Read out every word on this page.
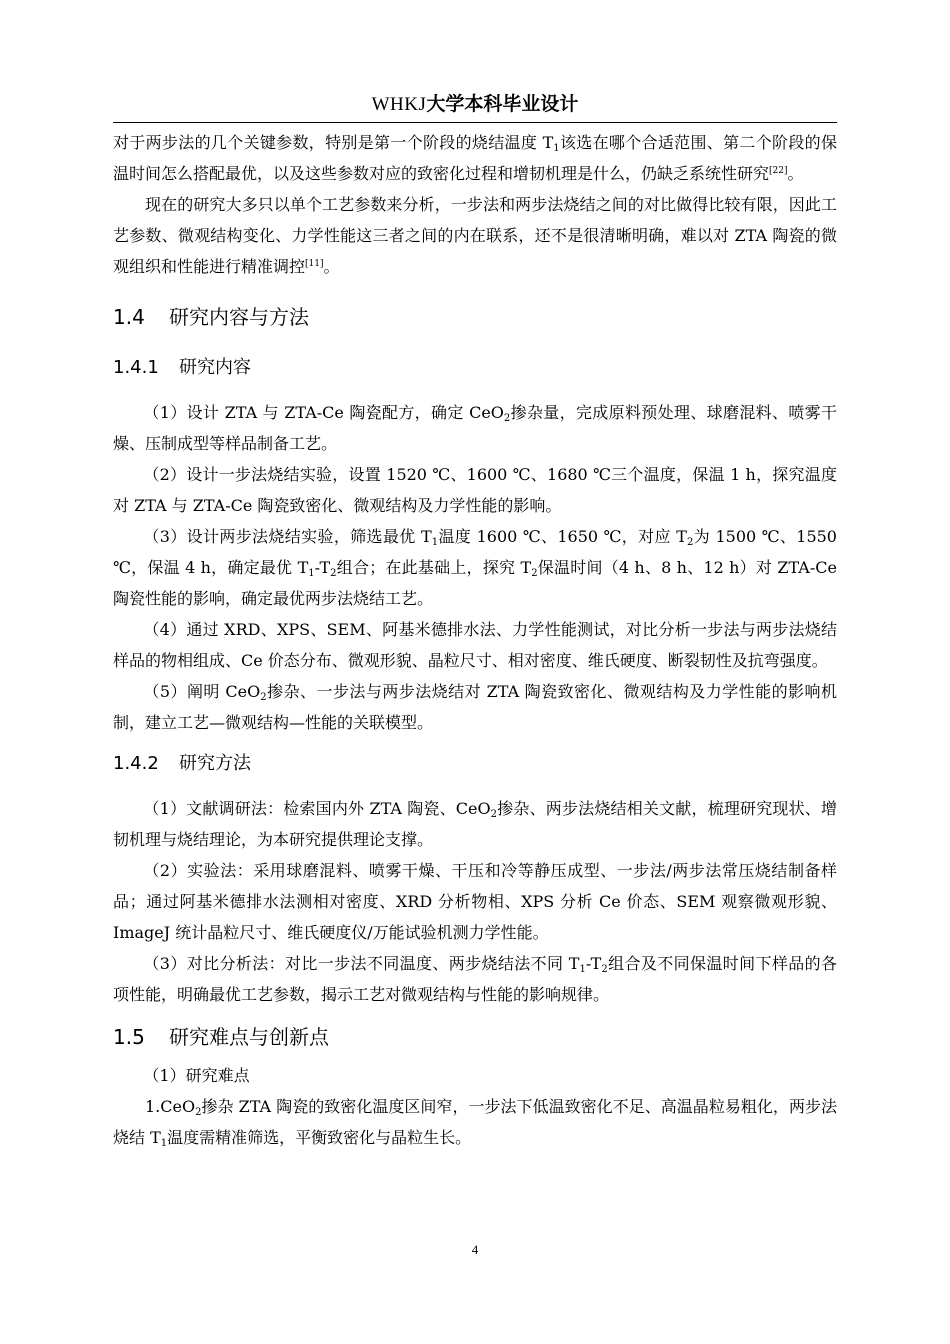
WHKJ大学本科毕业设计

对于两步法的几个关键参数，特别是第一个阶段的烧结温度 $T_1$该选在哪个合适范围、第二个阶段的保温时间怎么搭配最优，以及这些参数对应的致密化过程和增韧机理是什么，仍缺乏系统性研究[22]。

现在的研究大多只以单个工艺参数来分析，一步法和两步法烧结之间的对比做得比较有限，因此工艺参数、微观结构变化、力学性能这三者之间的内在联系，还不是很清晰明确，难以对 ZTA 陶瓷的微观组织和性能进行精准调控[11]。

1.4 研究内容与方法
1.4.1 研究内容

（1）设计 ZTA 与 ZTA-Ce 陶瓷配方，确定 CeO$_2$掺杂量，完成原料预处理、球磨混料、喷雾干燥、压制成型等样品制备工艺。

（2）设计一步法烧结实验，设置 1520 ℃、1600 ℃、1680 ℃三个温度，保温 1 h，探究温度对 ZTA 与 ZTA-Ce 陶瓷致密化、微观结构及力学性能的影响。

（3）设计两步法烧结实验，筛选最优 $T_1$温度 1600 ℃、1650 ℃，对应 $T_2$为 1500 ℃、1550 ℃，保温 4 h，确定最优 $T_1-T_2$组合；在此基础上，探究 $T_2$保温时间（4 h、8 h、12 h）对 ZTA-Ce 陶瓷性能的影响，确定最优两步法烧结工艺。

（4）通过 XRD、XPS、SEM、阿基米德排水法、力学性能测试，对比分析一步法与两步法烧结样品的物相组成、Ce 价态分布、微观形貌、晶粒尺寸、相对密度、维氏硬度、断裂韧性及抗弯强度。

（5）阐明 CeO$_2$掺杂、一步法与两步法烧结对 ZTA 陶瓷致密化、微观结构及力学性能的影响机制，建立工艺—微观结构—性能的关联模型。

1.4.2 研究方法

（1）文献调研法：检索国内外 ZTA 陶瓷、CeO$_2$掺杂、两步法烧结相关文献，梳理研究现状、增韧机理与烧结理论，为本研究提供理论支撑。

（2）实验法：采用球磨混料、喷雾干燥、干压和冷等静压成型、一步法/两步法常压烧结制备样品；通过阿基米德排水法测相对密度、XRD 分析物相、XPS 分析 Ce 价态、SEM 观察微观形貌、ImageJ 统计晶粒尺寸、维氏硬度仪/万能试验机测力学性能。

（3）对比分析法：对比一步法不同温度、两步烧结法不同 $T_1-T_2$组合及不同保温时间下样品的各项性能，明确最优工艺参数，揭示工艺对微观结构与性能的影响规律。

1.5 研究难点与创新点

（1）研究难点

1.CeO$_2$掺杂 ZTA 陶瓷的致密化温度区间窄，一步法下低温致密化不足、高温晶粒易粗化，两步法烧结 $T_1$温度需精准筛选，平衡致密化与晶粒生长。

4
